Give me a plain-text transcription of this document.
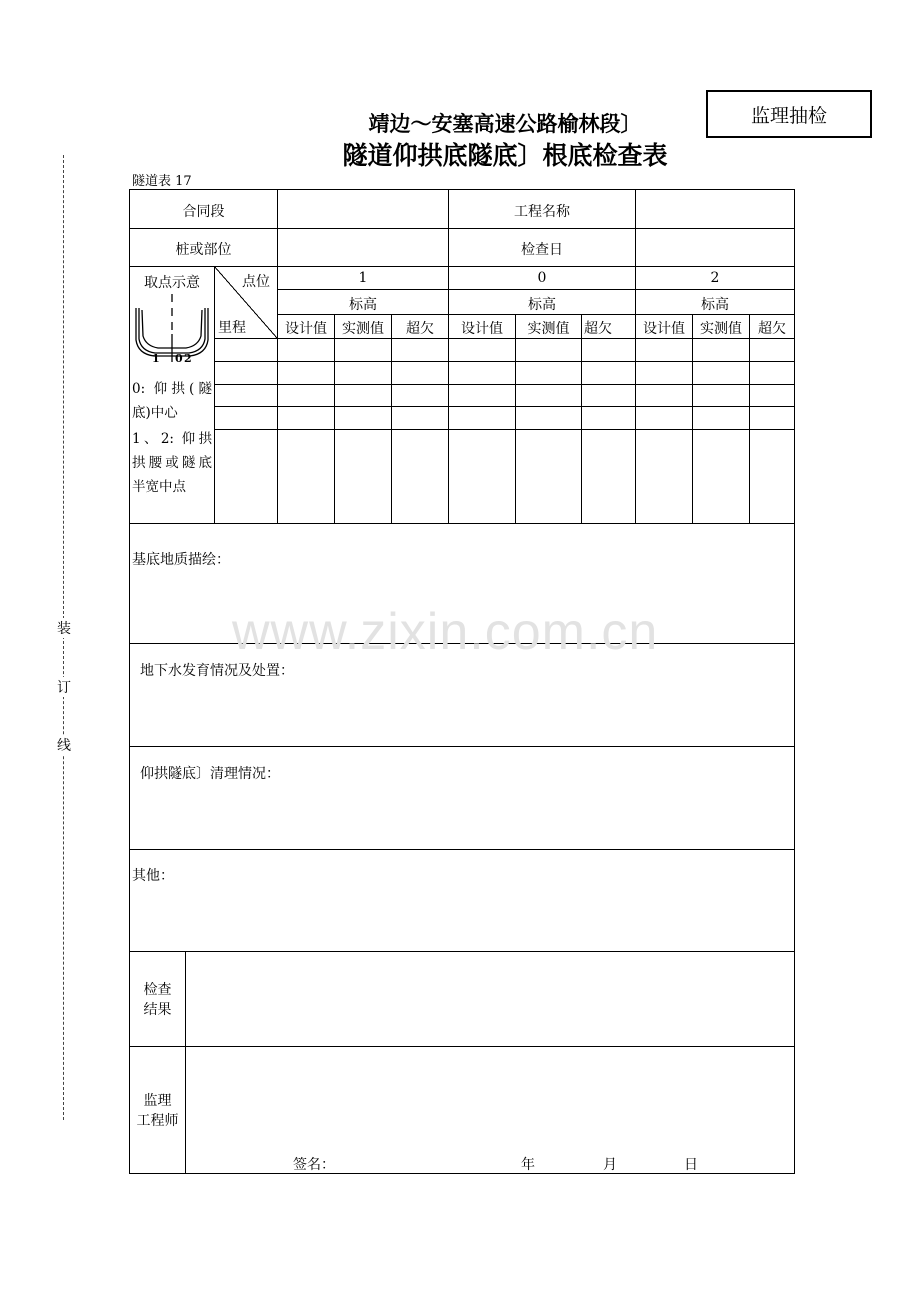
监理抽检
靖边～安塞高速公路榆林段〕
隧道仰拱底隧底〕根底检查表
隧道表 17
装
订
线
合同段	工程名称
桩或部位	检查日
取点示意
1 0 2
0: 仰拱(隧底)中心
1、2: 仰拱拱腰或隧底半宽中点
点位
里程
1	0	2
标高	标高	标高
设计值	实测值	超欠	设计值	实测值	超欠	设计值	实测值	超欠
基底地质描绘：
地下水发育情况及处置：
仰拱隧底〕清理情况：
其他：
检查
结果
监理
工程师
签名：	年	月	日
www.zixin.com.cn
